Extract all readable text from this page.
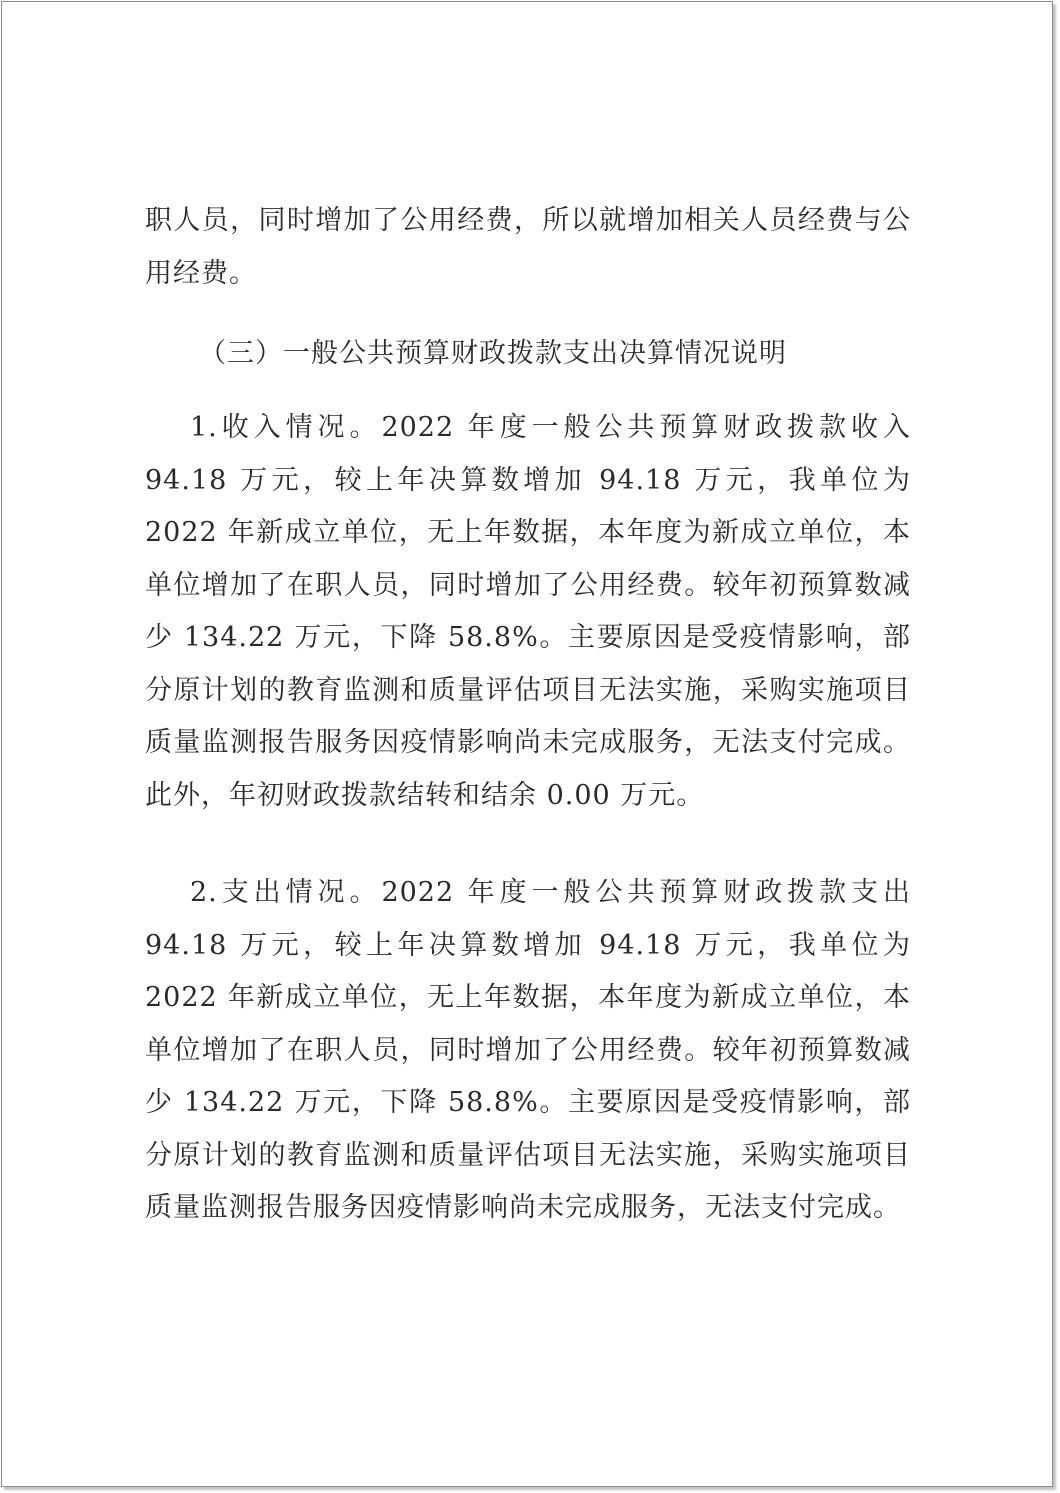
职人员，同时增加了公用经费，所以就增加相关人员经费与公用经费。

（三）一般公共预算财政拨款支出决算情况说明

1.收入情况。2022 年度一般公共预算财政拨款收入 94.18 万元，较上年决算数增加 94.18 万元，我单位为 2022 年新成立单位，无上年数据，本年度为新成立单位，本单位增加了在职人员，同时增加了公用经费。较年初预算数减少 134.22 万元，下降 58.8%。主要原因是受疫情影响，部分原计划的教育监测和质量评估项目无法实施，采购实施项目质量监测报告服务因疫情影响尚未完成服务，无法支付完成。此外，年初财政拨款结转和结余 0.00 万元。

2.支出情况。2022 年度一般公共预算财政拨款支出 94.18 万元，较上年决算数增加 94.18 万元，我单位为 2022 年新成立单位，无上年数据，本年度为新成立单位，本单位增加了在职人员，同时增加了公用经费。较年初预算数减少 134.22 万元，下降 58.8%。主要原因是受疫情影响，部分原计划的教育监测和质量评估项目无法实施，采购实施项目质量监测报告服务因疫情影响尚未完成服务，无法支付完成。
